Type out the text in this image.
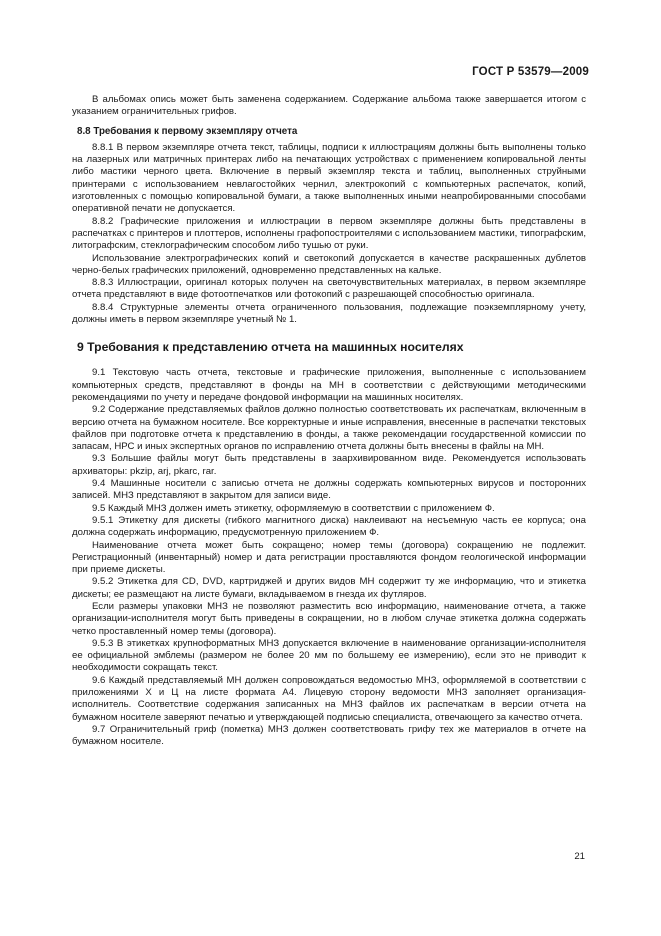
ГОСТ Р 53579—2009

В альбомах опись может быть заменена содержанием. Содержание альбома также завершается итогом с указанием ограничительных грифов.

8.8 Требования к первому экземпляру отчета

8.8.1 В первом экземпляре отчета текст, таблицы, подписи к иллюстрациям должны быть выполнены только на лазерных или матричных принтерах либо на печатающих устройствах с применением копировальной ленты либо мастики черного цвета. Включение в первый экземпляр текста и таблиц, выполненных струйными принтерами с использованием невлагостойких чернил, электрокопий с компьютерных распечаток, копий, изготовленных с помощью копировальной бумаги, а также выполненных иными неапробированными способами оперативной печати не допускается.

8.8.2 Графические приложения и иллюстрации в первом экземпляре должны быть представлены в распечатках с принтеров и плоттеров, исполнены графопостроителями с использованием мастики, типографским, литографским, стеклографическим способом либо тушью от руки.

Использование электрографических копий и светокопий допускается в качестве раскрашенных дублетов черно-белых графических приложений, одновременно представленных на кальке.

8.8.3 Иллюстрации, оригинал которых получен на светочувствительных материалах, в первом экземпляре отчета представляют в виде фотоотпечатков или фотокопий с разрешающей способностью оригинала.

8.8.4 Структурные элементы отчета ограниченного пользования, подлежащие поэкземплярному учету, должны иметь в первом экземпляре учетный № 1.

9 Требования к представлению отчета на машинных носителях

9.1 Текстовую часть отчета, текстовые и графические приложения, выполненные с использованием компьютерных средств, представляют в фонды на МН в соответствии с действующими методическими рекомендациями по учету и передаче фондовой информации на машинных носителях.

9.2 Содержание представляемых файлов должно полностью соответствовать их распечаткам, включенным в версию отчета на бумажном носителе. Все корректурные и иные исправления, внесенные в распечатки текстовых файлов при подготовке отчета к представлению в фонды, а также рекомендации государственной комиссии по запасам, НРС и иных экспертных органов по исправлению отчета должны быть внесены в файлы на МН.

9.3 Большие файлы могут быть представлены в заархивированном виде. Рекомендуется использовать архиваторы: pkzip, arj, pkarc, rar.

9.4 Машинные носители с записью отчета не должны содержать компьютерных вирусов и посторонних записей. МНЗ представляют в закрытом для записи виде.

9.5 Каждый МНЗ должен иметь этикетку, оформляемую в соответствии с приложением Ф.

9.5.1 Этикетку для дискеты (гибкого магнитного диска) наклеивают на несъемную часть ее корпуса; она должна содержать информацию, предусмотренную приложением Ф.

Наименование отчета может быть сокращено; номер темы (договора) сокращению не подлежит. Регистрационный (инвентарный) номер и дата регистрации проставляются фондом геологической информации при приеме дискеты.

9.5.2 Этикетка для CD, DVD, картриджей и других видов МН содержит ту же информацию, что и этикетка дискеты; ее размещают на листе бумаги, вкладываемом в гнезда их футляров.

Если размеры упаковки МНЗ не позволяют разместить всю информацию, наименование отчета, а также организации-исполнителя могут быть приведены в сокращении, но в любом случае этикетка должна содержать четко проставленный номер темы (договора).

9.5.3 В этикетках крупноформатных МНЗ допускается включение в наименование организации-исполнителя ее официальной эмблемы (размером не более 20 мм по большему ее измерению), если это не приводит к необходимости сокращать текст.

9.6 Каждый представляемый МН должен сопровождаться ведомостью МНЗ, оформляемой в соответствии с приложениями Х и Ц на листе формата А4. Лицевую сторону ведомости МНЗ заполняет организация-исполнитель. Соответствие содержания записанных на МНЗ файлов их распечаткам в версии отчета на бумажном носителе заверяют печатью и утверждающей подписью специалиста, отвечающего за качество отчета.

9.7 Ограничительный гриф (пометка) МНЗ должен соответствовать грифу тех же материалов в отчете на бумажном носителе.

21
